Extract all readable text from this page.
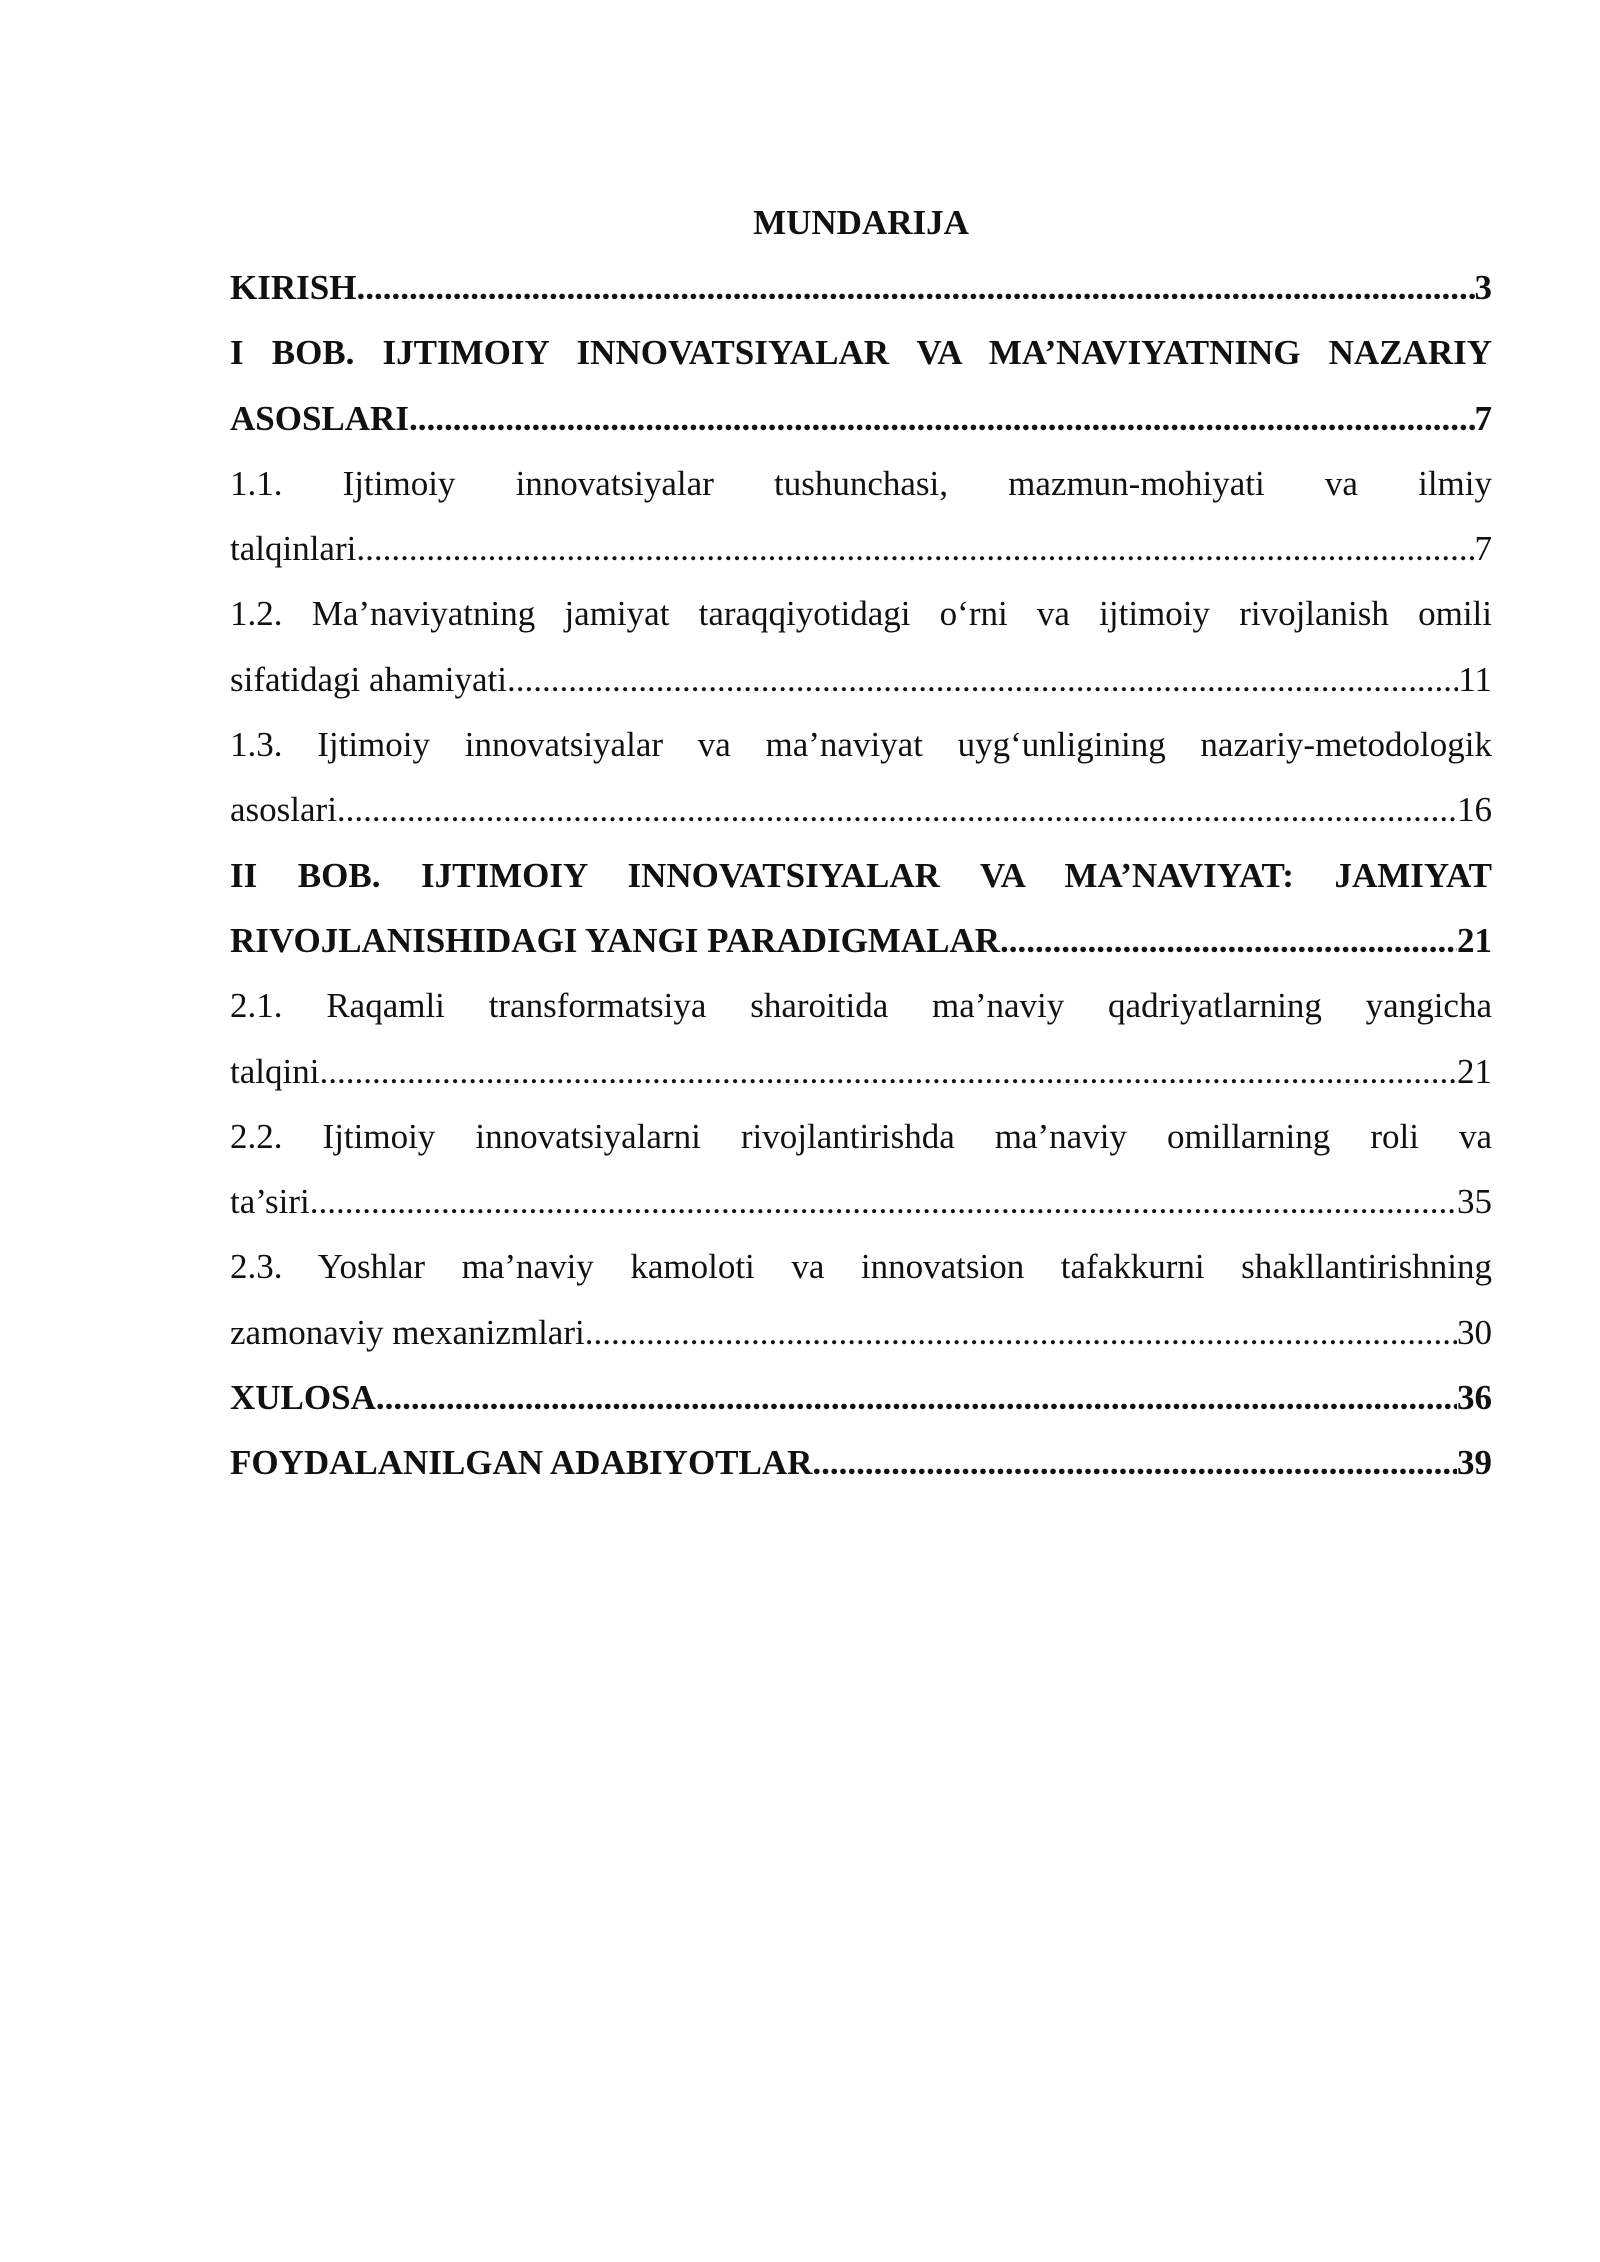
MUNDARIJA
KIRISH .....	3
I BOB. IJTIMOIY INNOVATSIYALAR VA MA’NAVIYATNING NAZARIY
ASOSLARI .....	7
1.1. Ijtimoiy innovatsiyalar tushunchasi, mazmun-mohiyati va ilmiy
talqinlari .....	7
1.2. Ma’naviyatning jamiyat taraqqiyotidagi o‘rni va ijtimoiy rivojlanish omili
sifatidagi ahamiyati .....	11
1.3. Ijtimoiy innovatsiyalar va ma’naviyat uyg‘unligining nazariy-metodologik
asoslari .....	16
II BOB. IJTIMOIY INNOVATSIYALAR VA MA’NAVIYAT: JAMIYAT
RIVOJLANISHIDAGI YANGI PARADIGMALAR .....	21
2.1. Raqamli transformatsiya sharoitida ma’naviy qadriyatlarning yangicha
talqini .....	21
2.2. Ijtimoiy innovatsiyalarni rivojlantirishda ma’naviy omillarning roli va
ta’siri .....	35
2.3. Yoshlar ma’naviy kamoloti va innovatsion tafakkurni shakllantirishning
zamonaviy mexanizmlari .....	30
XULOSA .....	36
FOYDALANILGAN ADABIYOTLAR .....	39
